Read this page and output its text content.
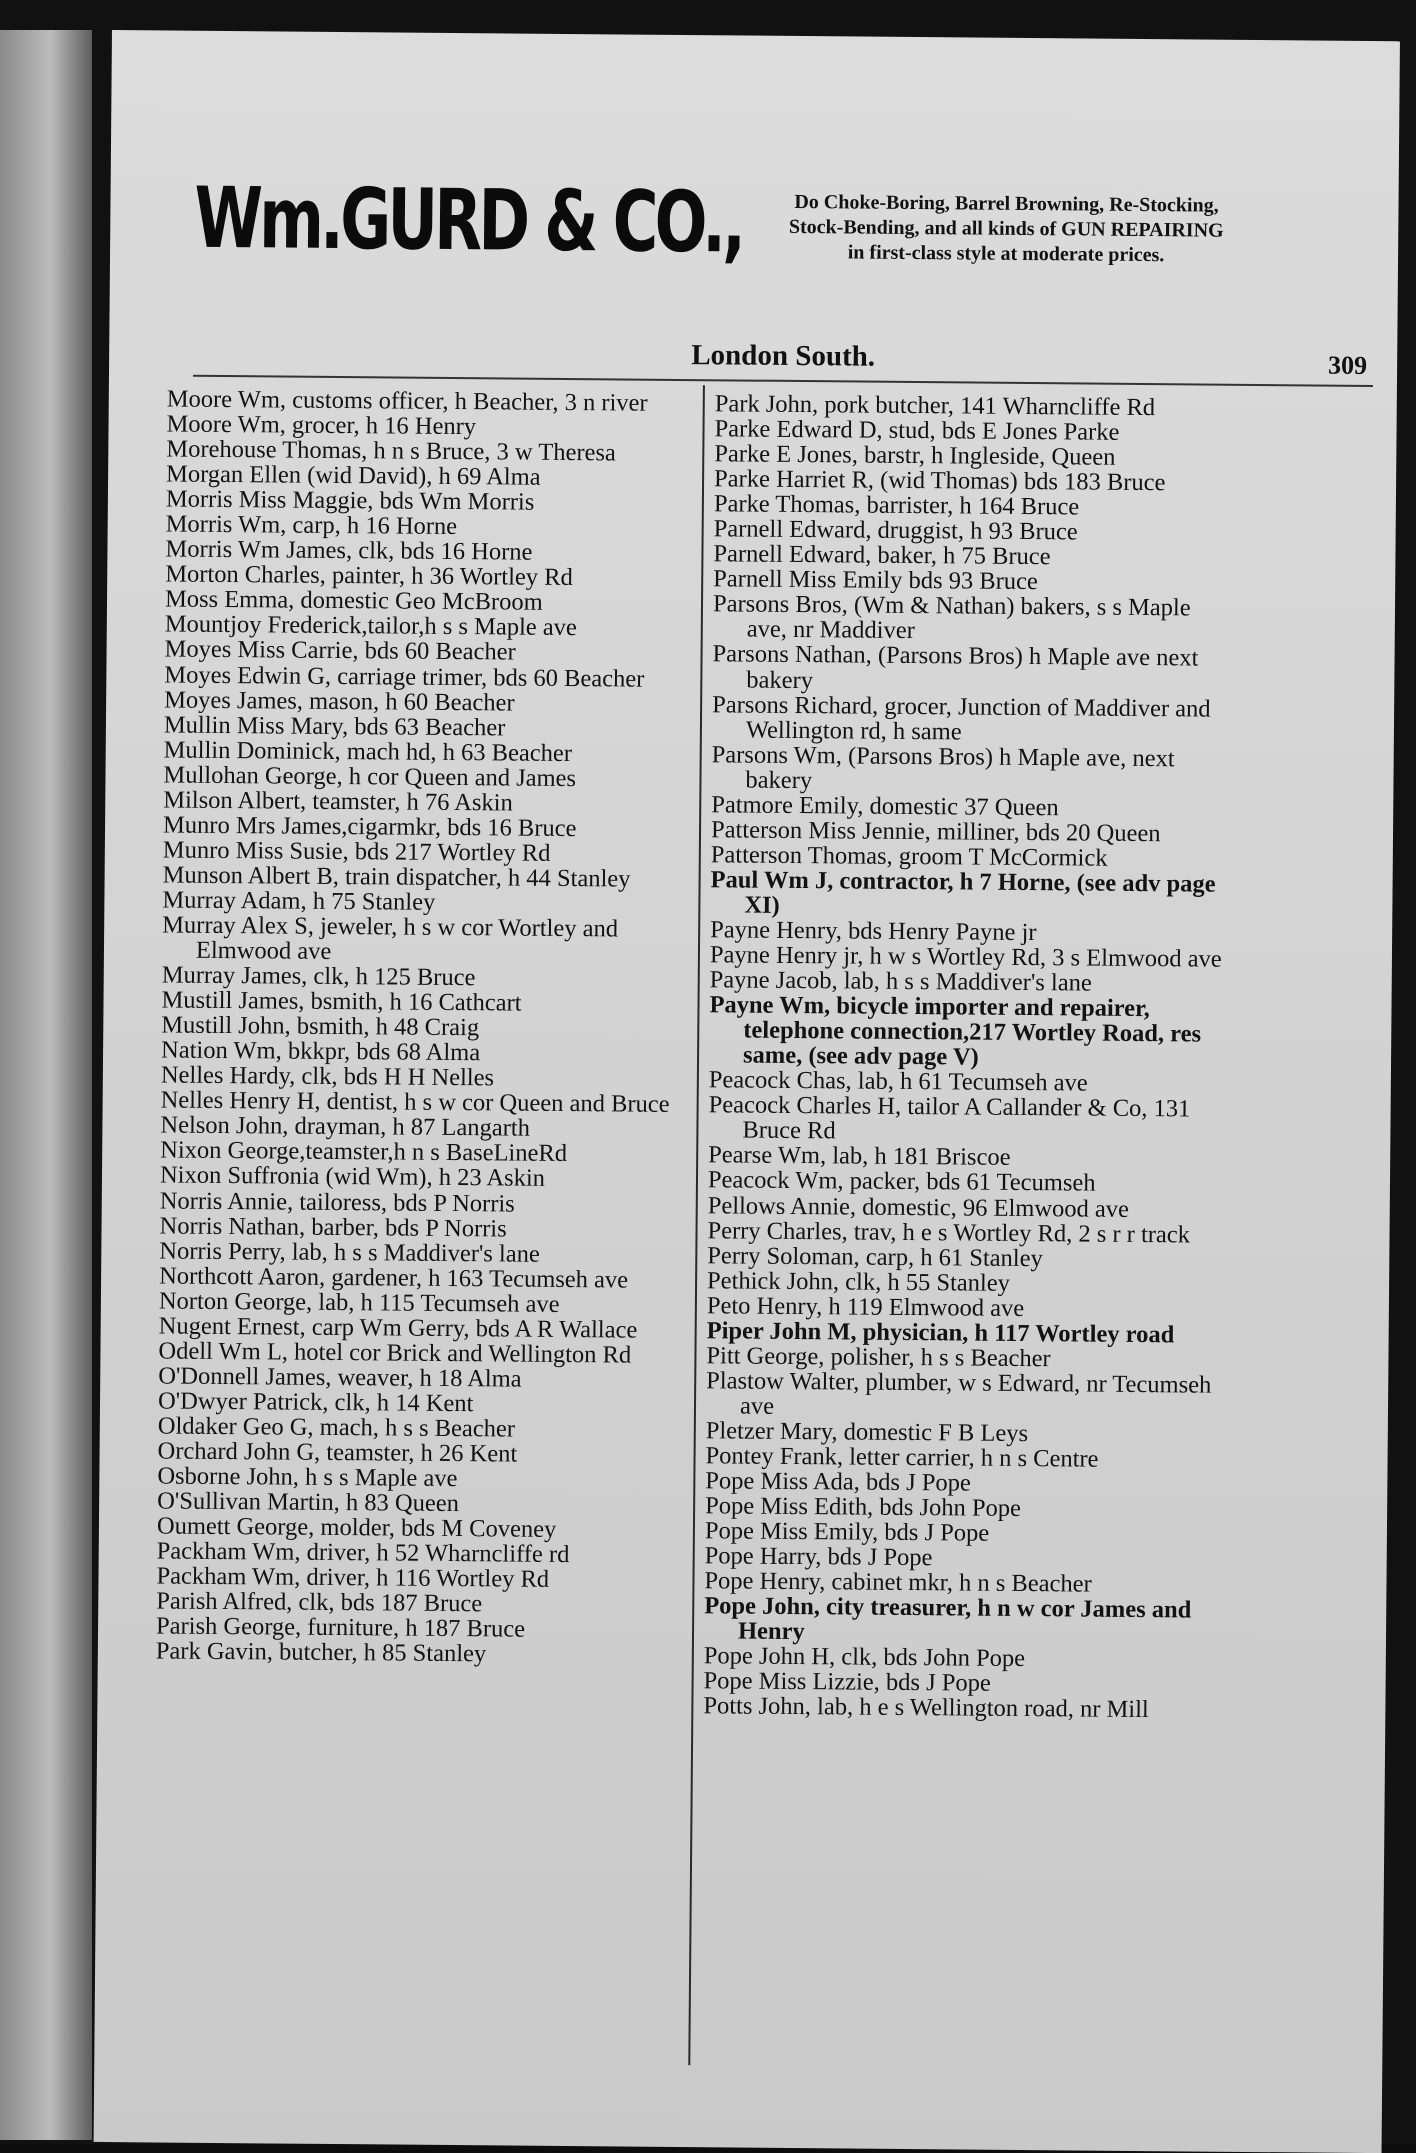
Wm.GURD & CO.,	Do Choke-Boring, Barrel Browning, Re-Stocking,
Stock-Bending, and all kinds of GUN REPAIRING
in first-class style at moderate prices.
London South.	309
Moore Wm, customs officer, h Beacher, 3 n river
Moore Wm, grocer, h 16 Henry
Morehouse Thomas, h n s Bruce, 3 w Theresa
Morgan Ellen (wid David), h 69 Alma
Morris Miss Maggie, bds Wm Morris
Morris Wm, carp, h 16 Horne
Morris Wm James, clk, bds 16 Horne
Morton Charles, painter, h 36 Wortley Rd
Moss Emma, domestic Geo McBroom
Mountjoy Frederick,tailor,h s s Maple ave
Moyes Miss Carrie, bds 60 Beacher
Moyes Edwin G, carriage trimer, bds 60 Beacher
Moyes James, mason, h 60 Beacher
Mullin Miss Mary, bds 63 Beacher
Mullin Dominick, mach hd, h 63 Beacher
Mullohan George, h cor Queen and James
Milson Albert, teamster, h 76 Askin
Munro Mrs James,cigarmkr, bds 16 Bruce
Munro Miss Susie, bds 217 Wortley Rd
Munson Albert B, train dispatcher, h 44 Stanley
Murray Adam, h 75 Stanley
Murray Alex S, jeweler, h s w cor Wortley and Elmwood ave
Murray James, clk, h 125 Bruce
Mustill James, bsmith, h 16 Cathcart
Mustill John, bsmith, h 48 Craig
Nation Wm, bkkpr, bds 68 Alma
Nelles Hardy, clk, bds H H Nelles
Nelles Henry H, dentist, h s w cor Queen and Bruce
Nelson John, drayman, h 87 Langarth
Nixon George,teamster,h n s BaseLineRd
Nixon Suffronia (wid Wm), h 23 Askin
Norris Annie, tailoress, bds P Norris
Norris Nathan, barber, bds P Norris
Norris Perry, lab, h s s Maddiver's lane
Northcott Aaron, gardener, h 163 Tecumseh ave
Norton George, lab, h 115 Tecumseh ave
Nugent Ernest, carp Wm Gerry, bds A R Wallace
Odell Wm L, hotel cor Brick and Wellington Rd
O'Donnell James, weaver, h 18 Alma
O'Dwyer Patrick, clk, h 14 Kent
Oldaker Geo G, mach, h s s Beacher
Orchard John G, teamster, h 26 Kent
Osborne John, h s s Maple ave
O'Sullivan Martin, h 83 Queen
Oumett George, molder, bds M Coveney
Packham Wm, driver, h 52 Wharncliffe rd
Packham Wm, driver, h 116 Wortley Rd
Parish Alfred, clk, bds 187 Bruce
Parish George, furniture, h 187 Bruce
Park Gavin, butcher, h 85 Stanley
Park John, pork butcher, 141 Wharncliffe Rd
Parke Edward D, stud, bds E Jones Parke
Parke E Jones, barstr, h Ingleside, Queen
Parke Harriet R, (wid Thomas) bds 183 Bruce
Parke Thomas, barrister, h 164 Bruce
Parnell Edward, druggist, h 93 Bruce
Parnell Edward, baker, h 75 Bruce
Parnell Miss Emily bds 93 Bruce
Parsons Bros, (Wm & Nathan) bakers, s s Maple ave, nr Maddiver
Parsons Nathan, (Parsons Bros) h Maple ave next bakery
Parsons Richard, grocer, Junction of Maddiver and Wellington rd, h same
Parsons Wm, (Parsons Bros) h Maple ave, next bakery
Patmore Emily, domestic 37 Queen
Patterson Miss Jennie, milliner, bds 20 Queen
Patterson Thomas, groom T McCormick
Paul Wm J, contractor, h 7 Horne, (see adv page XI)
Payne Henry, bds Henry Payne jr
Payne Henry jr, h w s Wortley Rd, 3 s Elmwood ave
Payne Jacob, lab, h s s Maddiver's lane
Payne Wm, bicycle importer and repairer, telephone connection,217 Wortley Road, res same, (see adv page V)
Peacock Chas, lab, h 61 Tecumseh ave
Peacock Charles H, tailor A Callander & Co, 131 Bruce Rd
Pearse Wm, lab, h 181 Briscoe
Peacock Wm, packer, bds 61 Tecumseh
Pellows Annie, domestic, 96 Elmwood ave
Perry Charles, trav, h e s Wortley Rd, 2 s r r track
Perry Soloman, carp, h 61 Stanley
Pethick John, clk, h 55 Stanley
Peto Henry, h 119 Elmwood ave
Piper John M, physician, h 117 Wortley road
Pitt George, polisher, h s s Beacher
Plastow Walter, plumber, w s Edward, nr Tecumseh ave
Pletzer Mary, domestic F B Leys
Pontey Frank, letter carrier, h n s Centre
Pope Miss Ada, bds J Pope
Pope Miss Edith, bds John Pope
Pope Miss Emily, bds J Pope
Pope Harry, bds J Pope
Pope Henry, cabinet mkr, h n s Beacher
Pope John, city treasurer, h n w cor James and Henry
Pope John H, clk, bds John Pope
Pope Miss Lizzie, bds J Pope
Potts John, lab, h e s Wellington road, nr Mill
